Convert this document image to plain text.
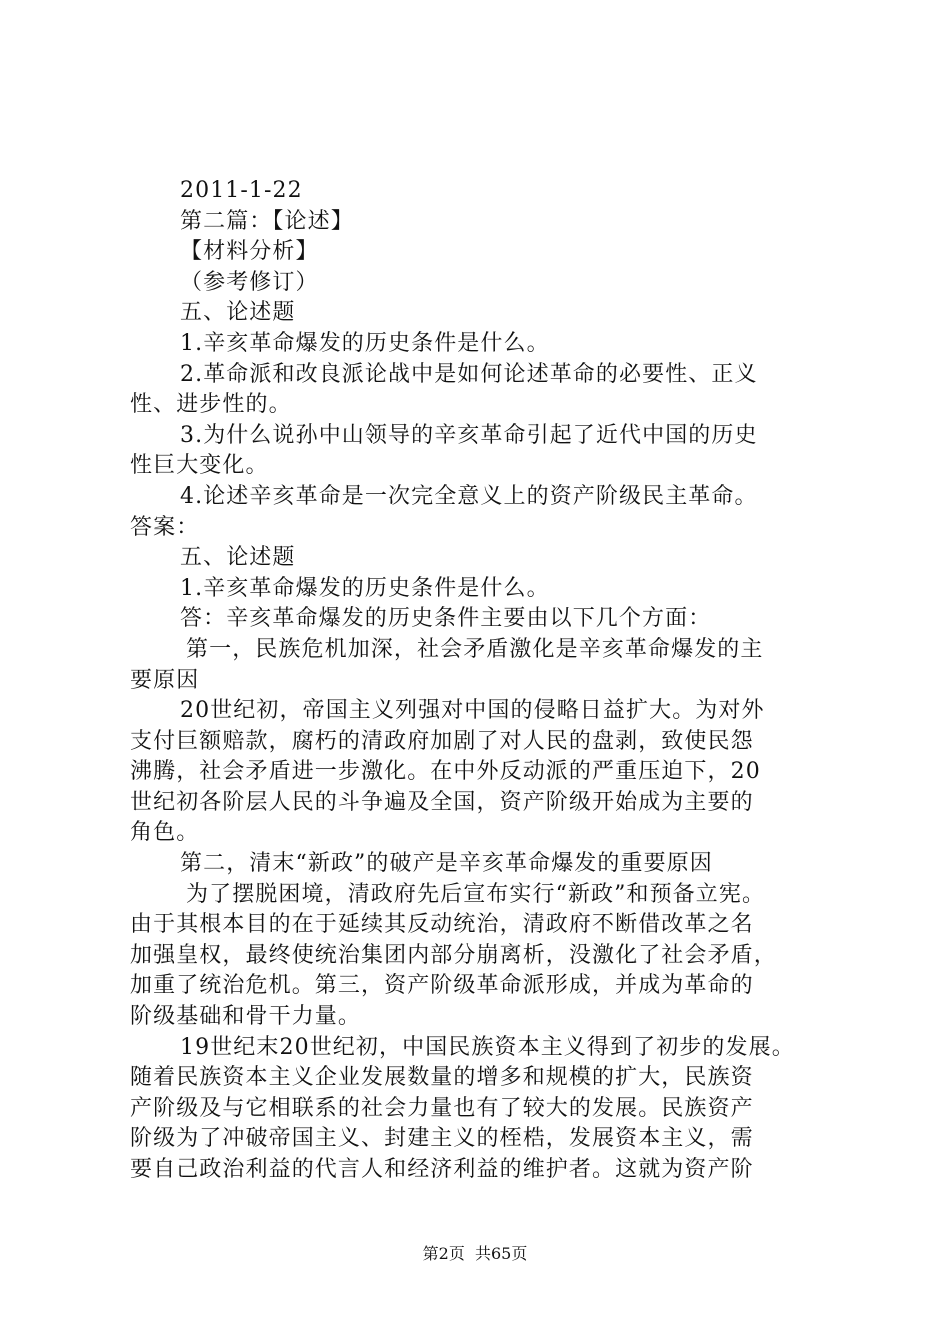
2011-1-22
第二篇：【论述】
【材料分析】
（参考修订）
五、论述题
1.辛亥革命爆发的历史条件是什么。
2.革命派和改良派论战中是如何论述革命的必要性、正义
性、进步性的。
3.为什么说孙中山领导的辛亥革命引起了近代中国的历史
性巨大变化。
4.论述辛亥革命是一次完全意义上的资产阶级民主革命。
答案：
五、论述题
1.辛亥革命爆发的历史条件是什么。
答：辛亥革命爆发的历史条件主要由以下几个方面：
第一，民族危机加深，社会矛盾激化是辛亥革命爆发的主
要原因
20世纪初，帝国主义列强对中国的侵略日益扩大。为对外
支付巨额赔款，腐朽的清政府加剧了对人民的盘剥，致使民怨
沸腾，社会矛盾进一步激化。在中外反动派的严重压迫下，20
世纪初各阶层人民的斗争遍及全国，资产阶级开始成为主要的
角色。
第二，清末“新政”的破产是辛亥革命爆发的重要原因
为了摆脱困境，清政府先后宣布实行“新政”和预备立宪。
由于其根本目的在于延续其反动统治，清政府不断借改革之名
加强皇权，最终使统治集团内部分崩离析，没激化了社会矛盾，
加重了统治危机。第三，资产阶级革命派形成，并成为革命的
阶级基础和骨干力量。
19世纪末20世纪初，中国民族资本主义得到了初步的发展。
随着民族资本主义企业发展数量的增多和规模的扩大，民族资
产阶级及与它相联系的社会力量也有了较大的发展。民族资产
阶级为了冲破帝国主义、封建主义的桎梏，发展资本主义，需
要自己政治利益的代言人和经济利益的维护者。这就为资产阶
第2页  共65页
